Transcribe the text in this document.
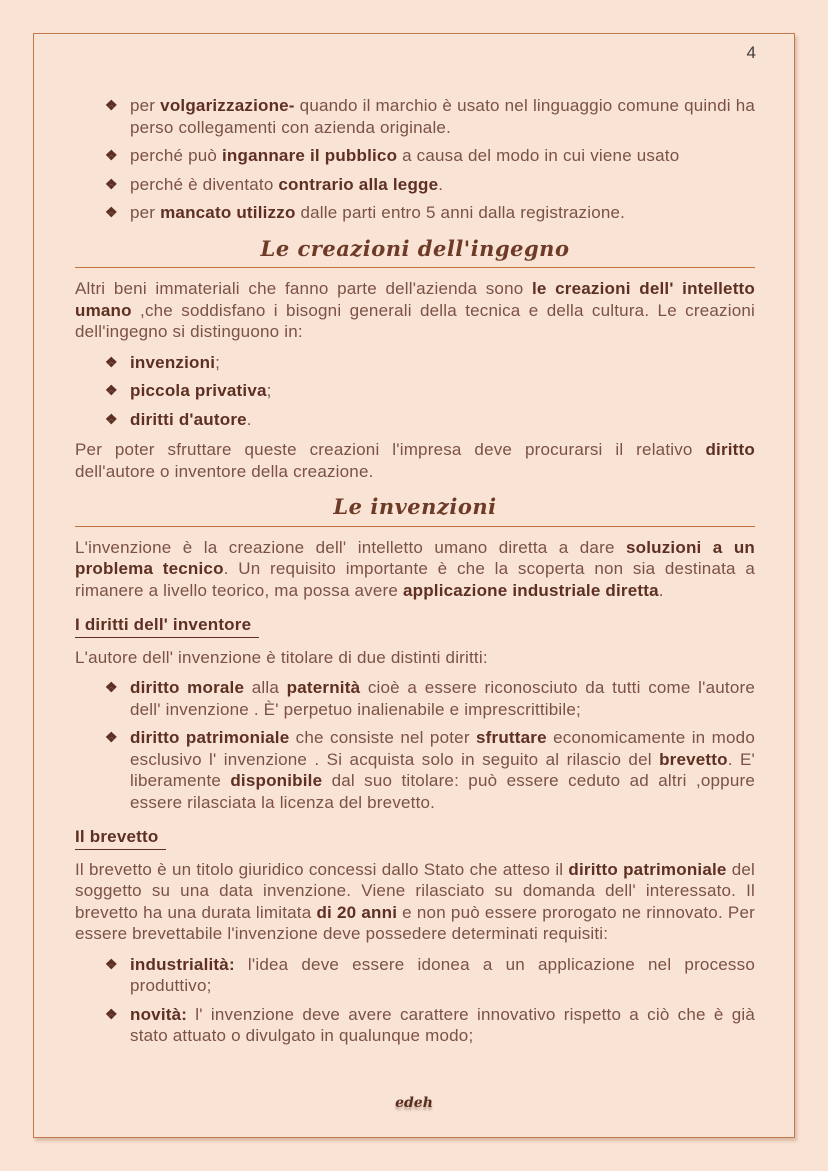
4
❖ per volgarizzazione- quando il marchio è usato nel linguaggio comune quindi ha perso collegamenti con azienda originale.
❖ perché può ingannare il pubblico a causa del modo in cui viene usato
❖ perché è diventato contrario alla legge.
❖ per mancato utilizzo dalle parti entro 5 anni dalla registrazione.
Le creazioni dell'ingegno

Altri beni immateriali che fanno parte dell'azienda sono le creazioni dell' intelletto umano ,che soddisfano i bisogni generali della tecnica e della cultura. Le creazioni dell'ingegno si distinguono in:

❖ invenzioni;
❖ piccola privativa;
❖ diritti d'autore.

Per poter sfruttare queste creazioni l'impresa deve procurarsi il relativo diritto dell'autore o inventore della creazione.

Le invenzioni

L'invenzione è la creazione dell' intelletto umano diretta a dare soluzioni a un problema tecnico. Un requisito importante è che la scoperta non sia destinata a rimanere a livello teorico, ma possa avere applicazione industriale diretta.

I diritti dell' inventore

L'autore dell' invenzione è titolare di due distinti diritti:

❖ diritto morale alla paternità cioè a essere riconosciuto da tutti come l'autore dell' invenzione . È' perpetuo inalienabile e imprescrittibile;
❖ diritto patrimoniale che consiste nel poter sfruttare economicamente in modo esclusivo l' invenzione . Si acquista solo in seguito al rilascio del brevetto. E' liberamente disponibile dal suo titolare: può essere ceduto ad altri ,oppure essere rilasciata la licenza del brevetto.
Il brevetto

Il brevetto è un titolo giuridico concessi dallo Stato che atteso il diritto patrimoniale del soggetto su una data invenzione. Viene rilasciato su domanda dell' interessato. Il brevetto ha una durata limitata di 20 anni e non può essere prorogato ne rinnovato. Per essere brevettabile l'invenzione deve possedere determinati requisiti:

❖ industrialità: l'idea deve essere idonea a un applicazione nel processo produttivo;
❖ novità: l' invenzione deve avere carattere innovativo rispetto a ciò che è già stato attuato o divulgato in qualunque modo;
edeh
